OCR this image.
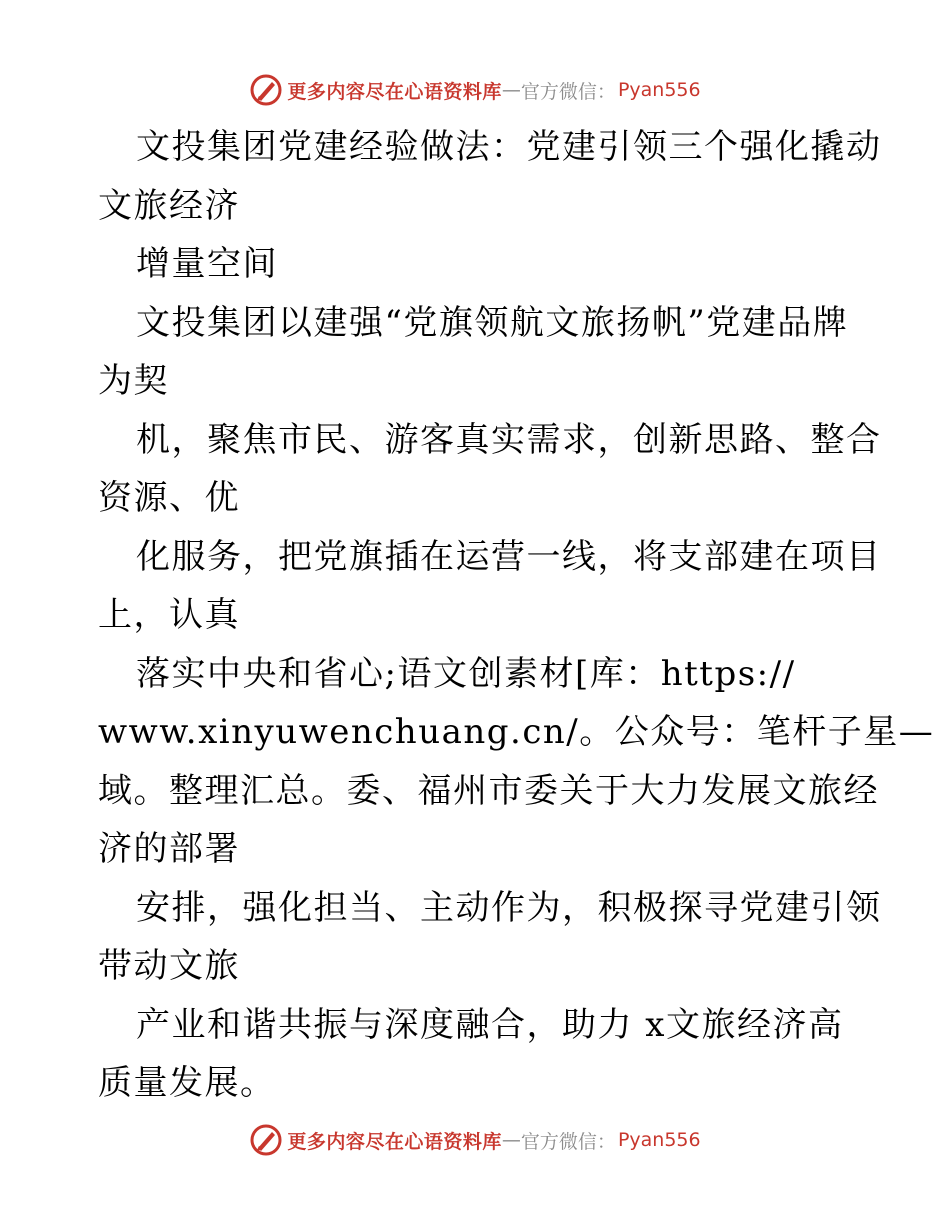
更多内容尽在心语资料库 — 官方微信： Pyan556
文投集团党建经验做法：党建引领三个强化撬动
文旅经济
增量空间
文投集团以建强“党旗领航文旅扬帆”党建品牌
为契
机，聚焦市民、游客真实需求，创新思路、整合
资源、优
化服务，把党旗插在运营一线，将支部建在项目
上，认真
落实中央和省心;语文创素材[库：https://
www.xinyuwenchuang.cn/。公众号：笔杆子星—
域。整理汇总。委、福州市委关于大力发展文旅经
济的部署
安排，强化担当、主动作为，积极探寻党建引领
带动文旅
产业和谐共振与深度融合，助力 x文旅经济高
质量发展。
更多内容尽在心语资料库 — 官方微信： Pyan556
